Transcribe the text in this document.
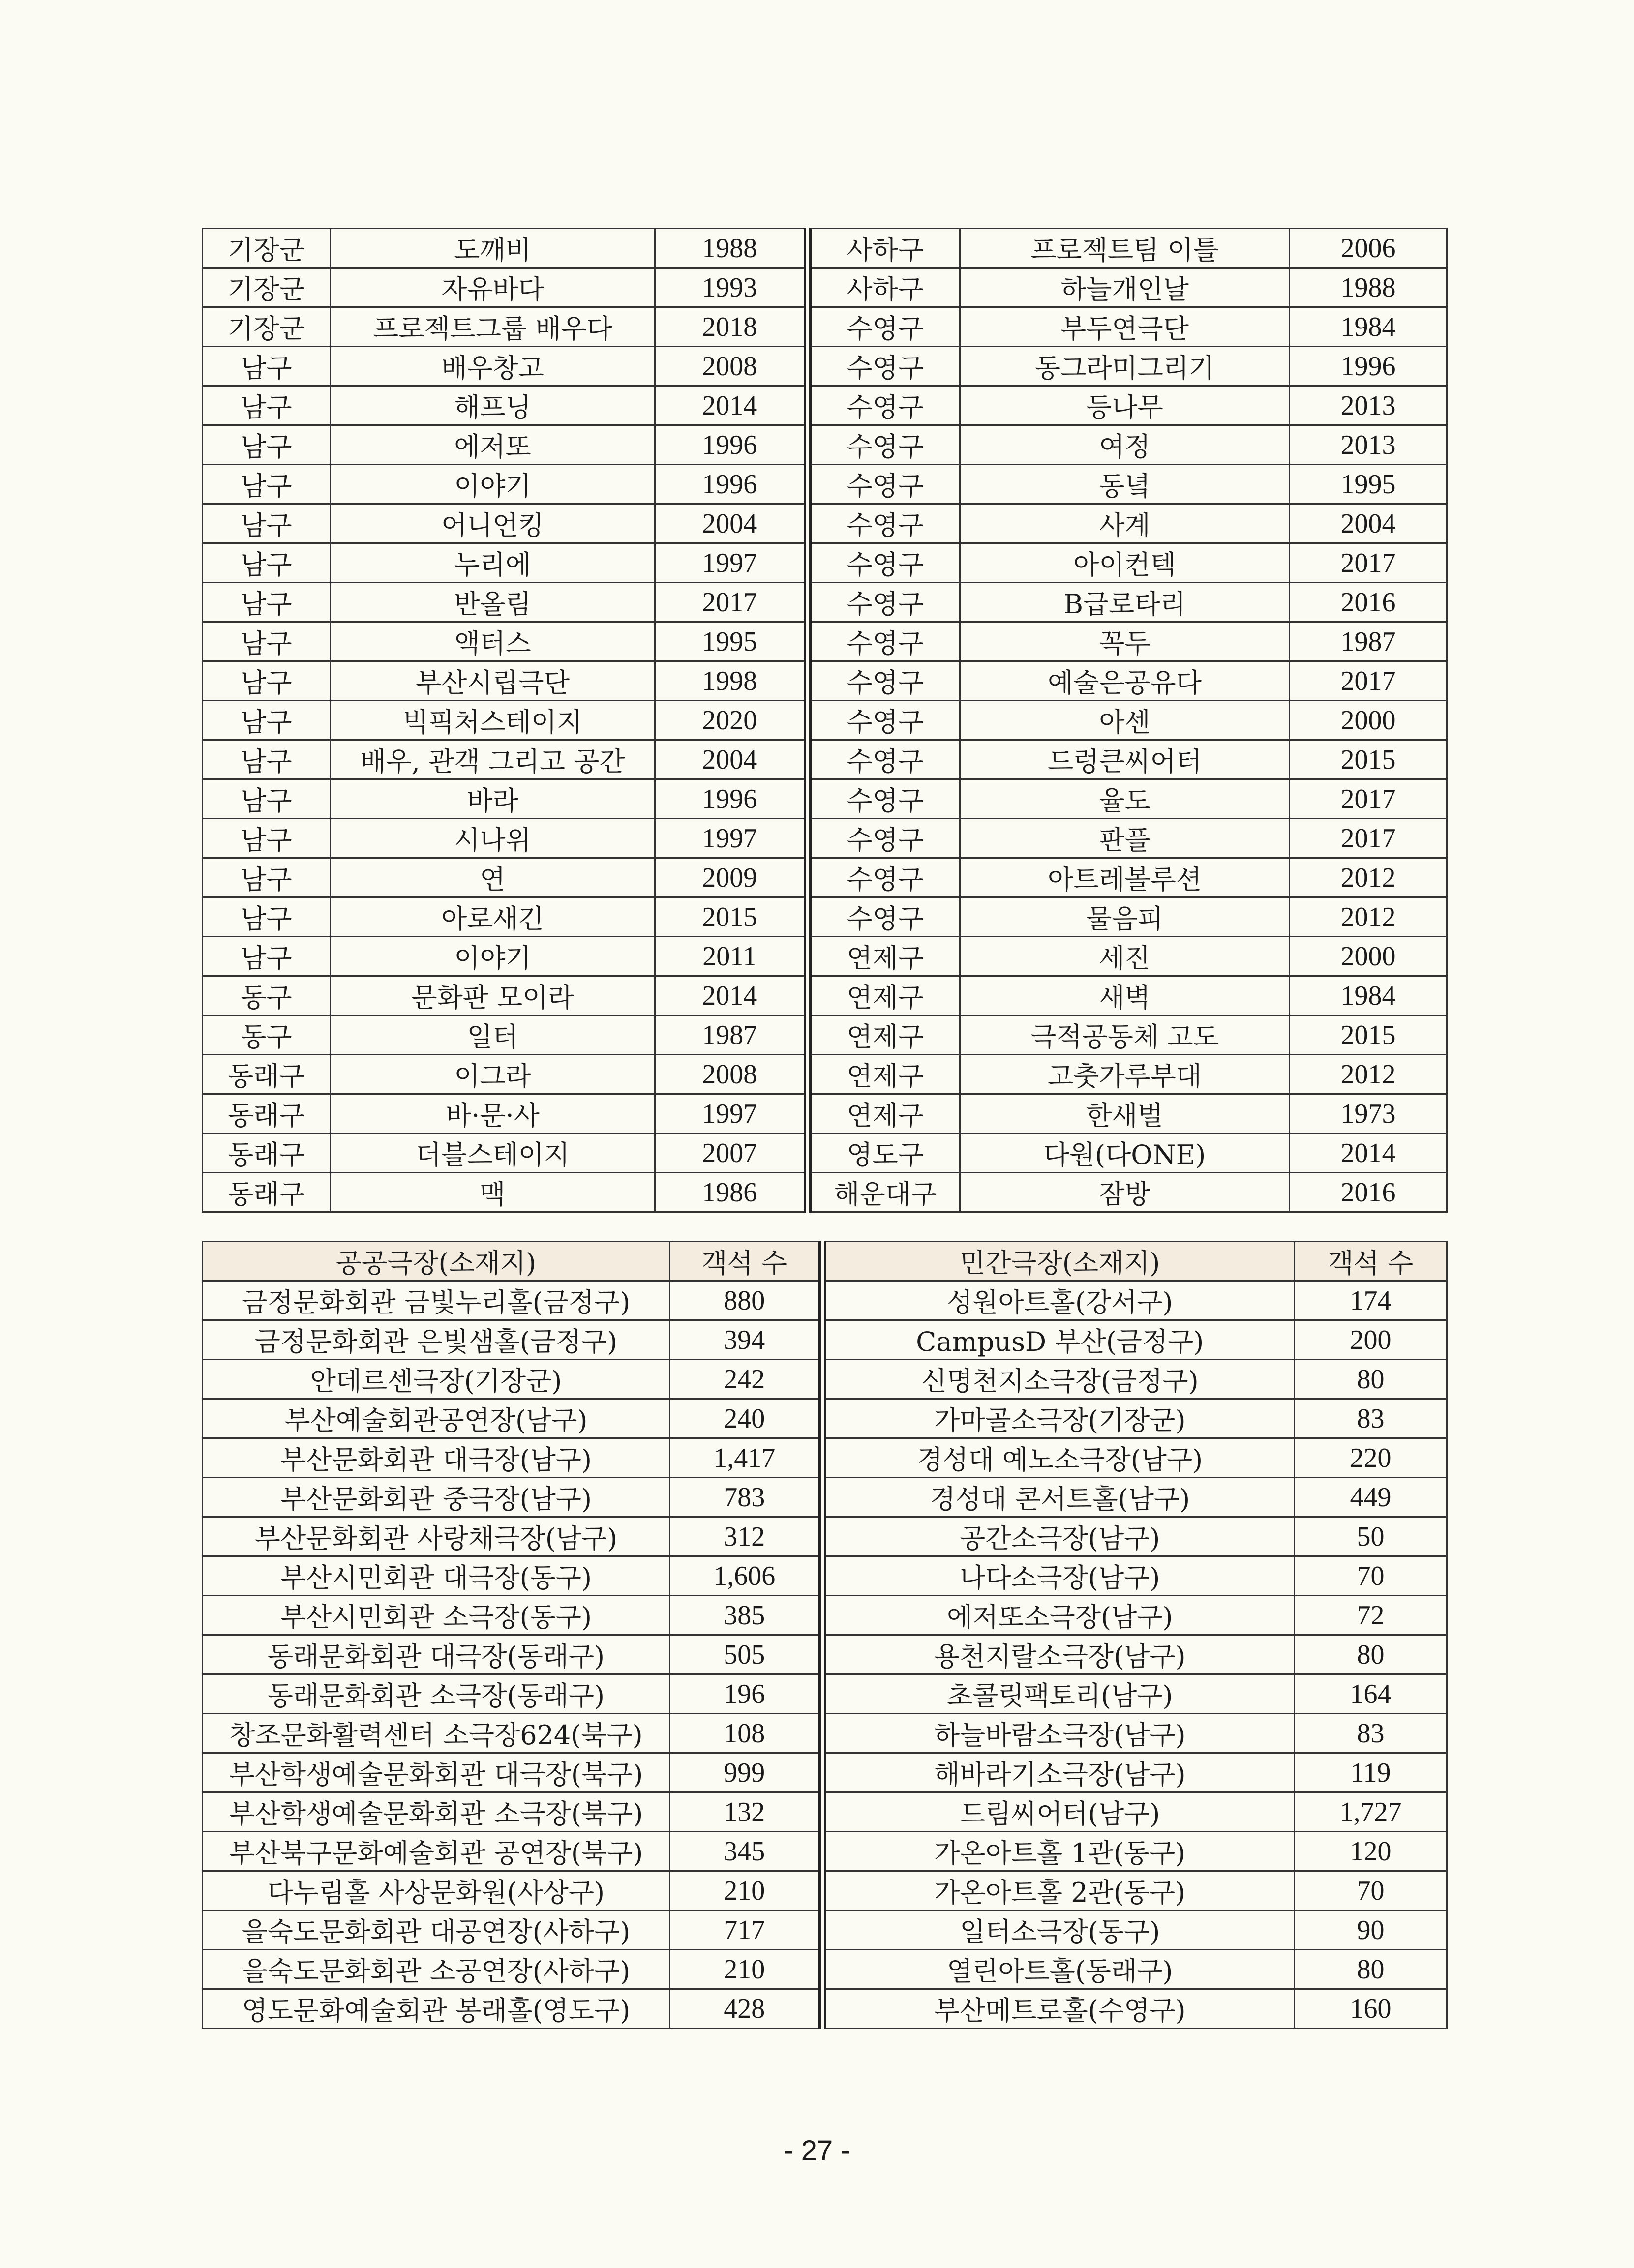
기장군	도깨비	1988	사하구	프로젝트팀 이틀	2006
기장군	자유바다	1993	사하구	하늘개인날	1988
기장군	프로젝트그룹 배우다	2018	수영구	부두연극단	1984
남구	배우창고	2008	수영구	동그라미그리기	1996
남구	해프닝	2014	수영구	등나무	2013
남구	에저또	1996	수영구	여정	2013
남구	이야기	1996	수영구	동녘	1995
남구	어니언킹	2004	수영구	사계	2004
남구	누리에	1997	수영구	아이컨텍	2017
남구	반올림	2017	수영구	B급로타리	2016
남구	액터스	1995	수영구	꼭두	1987
남구	부산시립극단	1998	수영구	예술은공유다	2017
남구	빅픽처스테이지	2020	수영구	아센	2000
남구	배우, 관객 그리고 공간	2004	수영구	드렁큰씨어터	2015
남구	바라	1996	수영구	율도	2017
남구	시나위	1997	수영구	판플	2017
남구	연	2009	수영구	아트레볼루션	2012
남구	아로새긴	2015	수영구	물음피	2012
남구	이야기	2011	연제구	세진	2000
동구	문화판 모이라	2014	연제구	새벽	1984
동구	일터	1987	연제구	극적공동체 고도	2015
동래구	이그라	2008	연제구	고춧가루부대	2012
동래구	바·문·사	1997	연제구	한새벌	1973
동래구	더블스테이지	2007	영도구	다원(다ONE)	2014
동래구	맥	1986	해운대구	잠방	2016
공공극장(소재지)	객석 수	민간극장(소재지)	객석 수
금정문화회관 금빛누리홀(금정구)	880	성원아트홀(강서구)	174
금정문화회관 은빛샘홀(금정구)	394	CampusD 부산(금정구)	200
안데르센극장(기장군)	242	신명천지소극장(금정구)	80
부산예술회관공연장(남구)	240	가마골소극장(기장군)	83
부산문화회관 대극장(남구)	1,417	경성대 예노소극장(남구)	220
부산문화회관 중극장(남구)	783	경성대 콘서트홀(남구)	449
부산문화회관 사랑채극장(남구)	312	공간소극장(남구)	50
부산시민회관 대극장(동구)	1,606	나다소극장(남구)	70
부산시민회관 소극장(동구)	385	에저또소극장(남구)	72
동래문화회관 대극장(동래구)	505	용천지랄소극장(남구)	80
동래문화회관 소극장(동래구)	196	초콜릿팩토리(남구)	164
창조문화활력센터 소극장624(북구)	108	하늘바람소극장(남구)	83
부산학생예술문화회관 대극장(북구)	999	해바라기소극장(남구)	119
부산학생예술문화회관 소극장(북구)	132	드림씨어터(남구)	1,727
부산북구문화예술회관 공연장(북구)	345	가온아트홀 1관(동구)	120
다누림홀 사상문화원(사상구)	210	가온아트홀 2관(동구)	70
을숙도문화회관 대공연장(사하구)	717	일터소극장(동구)	90
을숙도문화회관 소공연장(사하구)	210	열린아트홀(동래구)	80
영도문화예술회관 봉래홀(영도구)	428	부산메트로홀(수영구)	160
- 27 -
